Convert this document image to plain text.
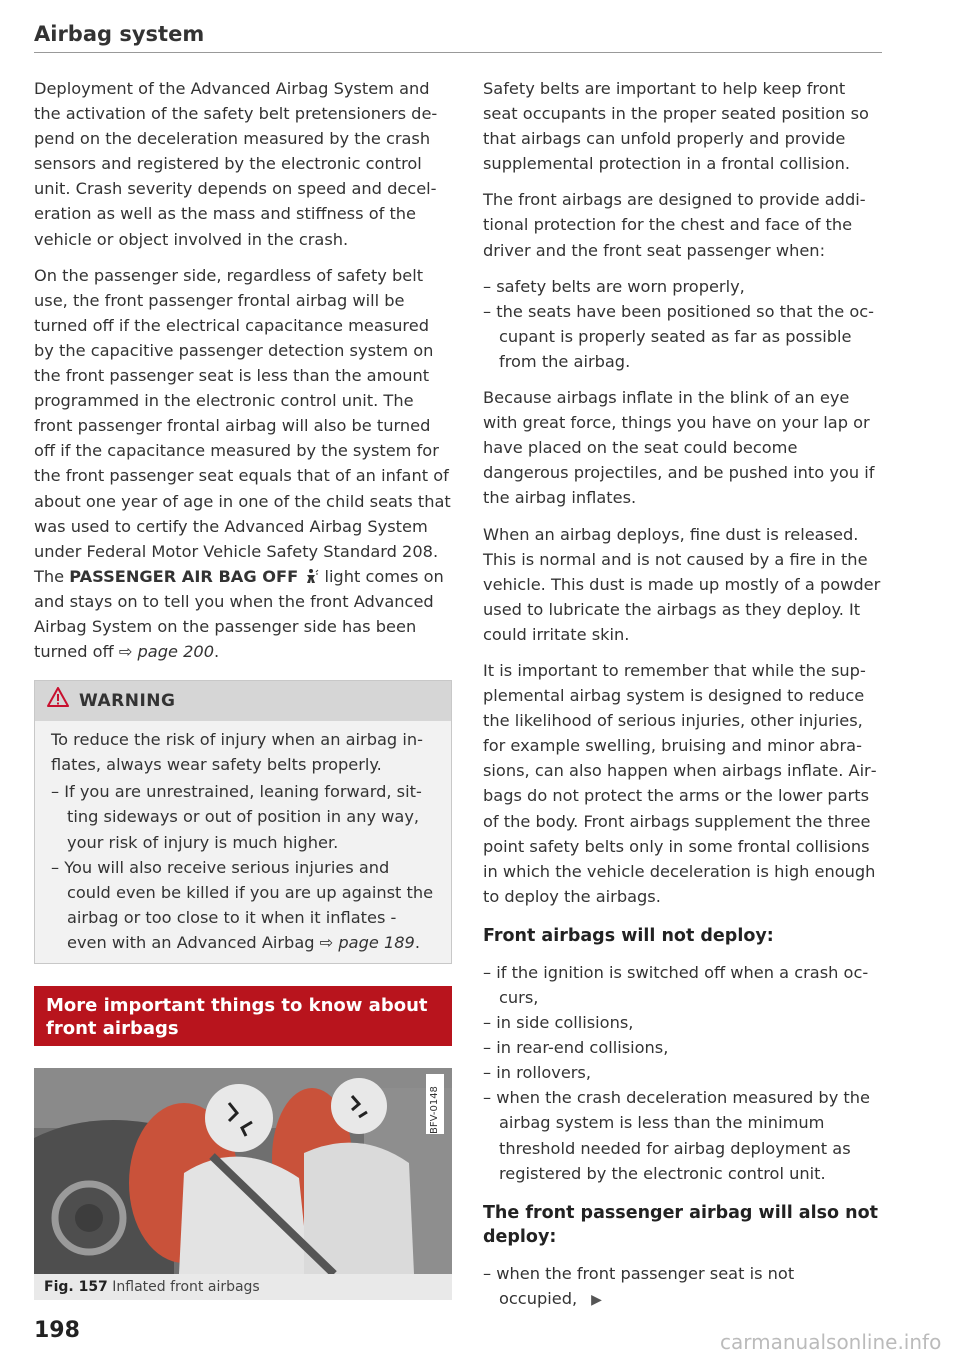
Airbag system

Deployment of the Advanced Airbag System and the activation of the safety belt pretensioners depend on the deceleration measured by the crash sensors and registered by the electronic control unit. Crash severity depends on speed and deceleration as well as the mass and stiffness of the vehicle or object involved in the crash.

On the passenger side, regardless of safety belt use, the front passenger frontal airbag will be turned off if the electrical capacitance measured by the capacitive passenger detection system on the front passenger seat is less than the amount programmed in the electronic control unit. The front passenger frontal airbag will also be turned off if the capacitance measured by the system for the front passenger seat equals that of an infant of about one year of age in one of the child seats that was used to certify the Advanced Airbag System under Federal Motor Vehicle Safety Standard 208. The PASSENGER AIR BAG OFF  light comes on and stays on to tell you when the front Advanced Airbag System on the passenger side has been turned off ⇨ page 200.

WARNING

To reduce the risk of injury when an airbag inflates, always wear safety belts properly.

– If you are unrestrained, leaning forward, sitting sideways or out of position in any way, your risk of injury is much higher.
– You will also receive serious injuries and could even be killed if you are up against the airbag or too close to it when it inflates - even with an Advanced Airbag ⇨ page 189.
More important things to know about front airbags
BFV-0148
Fig. 157 Inflated front airbags

Safety belts are important to help keep front seat occupants in the proper seated position so that airbags can unfold properly and provide supplemental protection in a frontal collision.

The front airbags are designed to provide additional protection for the chest and face of the driver and the front seat passenger when:

– safety belts are worn properly,
– the seats have been positioned so that the occupant is properly seated as far as possible from the airbag.

Because airbags inflate in the blink of an eye with great force, things you have on your lap or have placed on the seat could become dangerous projectiles, and be pushed into you if the airbag inflates.

When an airbag deploys, fine dust is released. This is normal and is not caused by a fire in the vehicle. This dust is made up mostly of a powder used to lubricate the airbags as they deploy. It could irritate skin.

It is important to remember that while the supplemental airbag system is designed to reduce the likelihood of serious injuries, other injuries, for example swelling, bruising and minor abrasions, can also happen when airbags inflate. Airbags do not protect the arms or the lower parts of the body. Front airbags supplement the three point safety belts only in some frontal collisions in which the vehicle deceleration is high enough to deploy the airbags.

Front airbags will not deploy:

– if the ignition is switched off when a crash occurs,
– in side collisions,
– in rear-end collisions,
– in rollovers,
– when the crash deceleration measured by the airbag system is less than the minimum threshold needed for airbag deployment as registered by the electronic control unit.

The front passenger airbag will also not deploy:

– when the front passenger seat is not occupied, ▶

198	carmanualsonline.info
